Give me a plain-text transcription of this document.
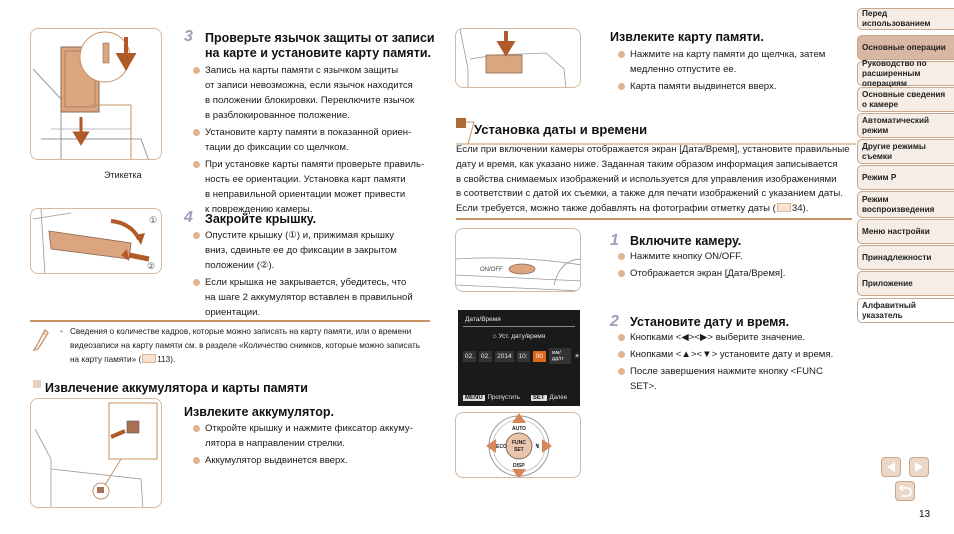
Этикетка
3 Проверьте язычок защиты от записи
на карте и установите карту памяти.
Запись на карты памяти с язычком защиты
от записи невозможна, если язычок находится
в положении блокировки. Переключите язычок
в разблокированное положение.
Установите карту памяти в показанной ориен-
тации до фиксации со щелчком.
При установке карты памяти проверьте правиль-
ность ее ориентации. Установка карт памяти
в неправильной ориентации может привести
к повреждению камеры.
①
②
4 Закройте крышку.
Опустите крышку (①) и, прижимая крышку
вниз, сдвиньте ее до фиксации в закрытом
положении (②).
Если крышка не закрывается, убедитесь, что
на шаге 2 аккумулятор вставлен в правильной
ориентации.
• Сведения о количестве кадров, которые можно записать на карту памяти, или о времени
видеозаписи на карту памяти см. в разделе «Количество снимков, которые можно записать
на карту памяти» ( 113).
Извлечение аккумулятора и карты памяти
Извлеките аккумулятор.
Откройте крышку и нажмите фиксатор аккуму-
лятора в направлении стрелки.
Аккумулятор выдвинется вверх.
Извлеките карту памяти.
Нажмите на карту памяти до щелчка, затем
медленно отпустите ее.
Карта памяти выдвинется вверх.
Установка даты и времени
Если при включении камеры отображается экран [Дата/Время], установите правильные
дату и время, как указано ниже. Заданная таким образом информация записывается
в свойства снимаемых изображений и используется для управления изображениями
в соответствии с датой их съемки, а также для печати изображений с указанием даты.
Если требуется, можно также добавлять на фотографии отметку даты ( 34).
ON/OFF
1 Включите камеру.
Нажмите кнопку ON/OFF.
Отображается экран [Дата/Время].
Дата/Время
⌂ Уст. дату/время
02.	02.	2014	10:	00	мм/дд/гг	☀
MENU Пропустить	SET Далее
AUTO
ECO
FUNC
SET ↯
DISP
2 Установите дату и время.
Кнопками <◀><▶> выберите значение.
Кнопками <▲><▼> установите дату и время.
После завершения нажмите кнопку <FUNC SET>.
Перед использованием
Основные операции
Руководство по расширенным операциям
Основные сведения о камере
Автоматический режим
Другие режимы съемки
Режим P
Режим воспроизведения
Меню настройки
Принадлежности
Приложение
Алфавитный указатель
13
